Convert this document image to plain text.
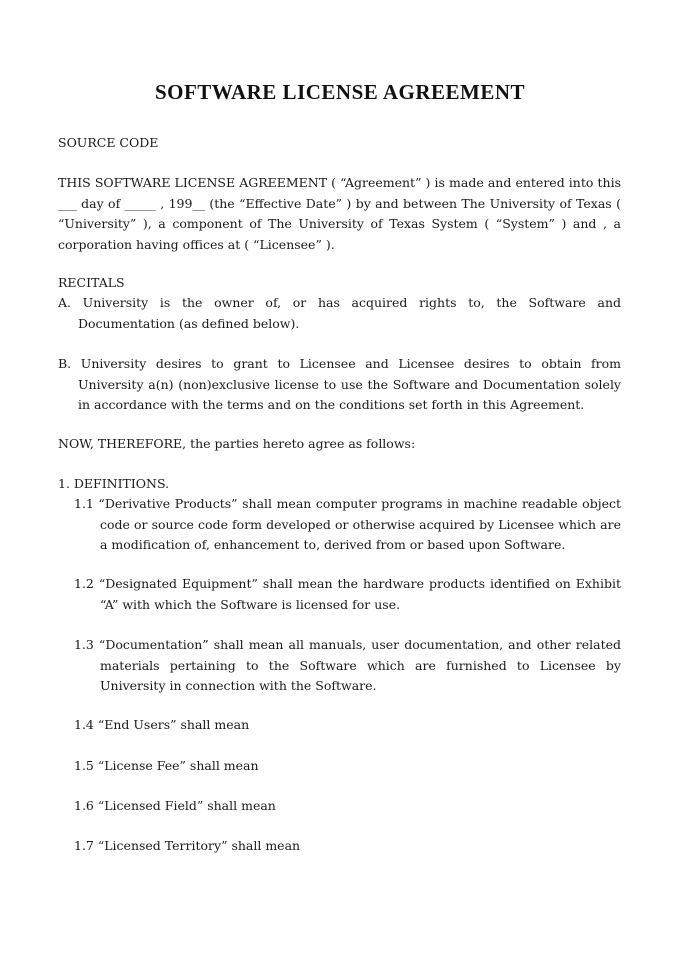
SOFTWARE LICENSE AGREEMENT

SOURCE CODE

THIS SOFTWARE LICENSE AGREEMENT ( “Agreement” ) is made and entered into this ___ day of _____ , 199__ (the “Effective Date” ) by and between The University of Texas ( “University” ), a component of The University of Texas System ( “System” ) and , a corporation having offices at ( “Licensee” ).

RECITALS

A. University is the owner of, or has acquired rights to, the Software and Documentation (as defined below).

B. University desires to grant to Licensee and Licensee desires to obtain from University a(n) (non)exclusive license to use the Software and Documentation solely in accordance with the terms and on the conditions set forth in this Agreement.

NOW, THEREFORE, the parties hereto agree as follows:

1. DEFINITIONS.

1.1 “Derivative Products” shall mean computer programs in machine readable object code or source code form developed or otherwise acquired by Licensee which are a modification of, enhancement to, derived from or based upon Software.

1.2 “Designated Equipment” shall mean the hardware products identified on Exhibit “A” with which the Software is licensed for use.

1.3 “Documentation” shall mean all manuals, user documentation, and other related materials pertaining to the Software which are furnished to Licensee by University in connection with the Software.

1.4 “End Users” shall mean

1.5 “License Fee” shall mean

1.6 “Licensed Field” shall mean

1.7 “Licensed Territory” shall mean
